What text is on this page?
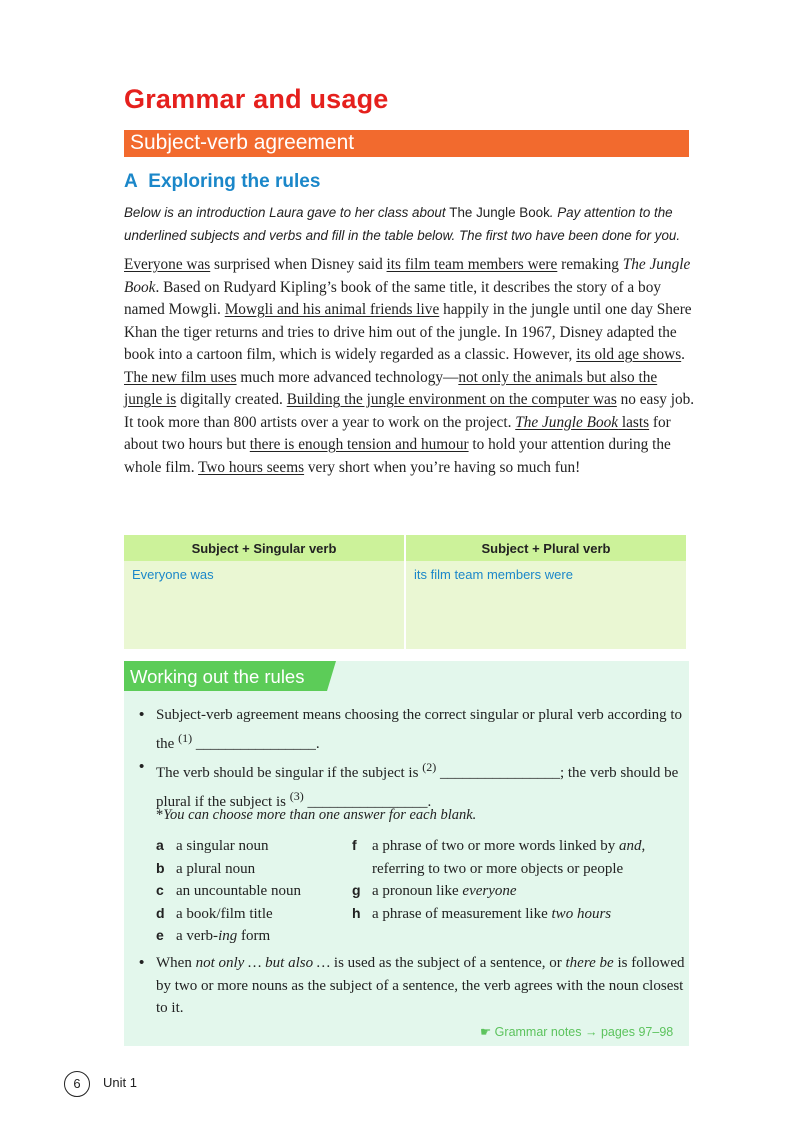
Grammar and usage
Subject-verb agreement
A Exploring the rules
Below is an introduction Laura gave to her class about The Jungle Book. Pay attention to the underlined subjects and verbs and fill in the table below. The first two have been done for you.
Everyone was surprised when Disney said its film team members were remaking The Jungle Book. Based on Rudyard Kipling’s book of the same title, it describes the story of a boy named Mowgli. Mowgli and his animal friends live happily in the jungle until one day Shere Khan the tiger returns and tries to drive him out of the jungle. In 1967, Disney adapted the book into a cartoon film, which is widely regarded as a classic. However, its old age shows. The new film uses much more advanced technology—not only the animals but also the jungle is digitally created. Building the jungle environment on the computer was no easy job. It took more than 800 artists over a year to work on the project. The Jungle Book lasts for about two hours but there is enough tension and humour to hold your attention during the whole film. Two hours seems very short when you’re having so much fun!
Subject + Singular verb	Subject + Plural verb
Everyone was	its film team members were
Working out the rules
• Subject-verb agreement means choosing the correct singular or plural verb according to the $^{(1)}$ ________________.
• The verb should be singular if the subject is $^{(2)}$ ________________; the verb should be plural if the subject is $^{(3)}$ ________________.
*You can choose more than one answer for each blank.
a a singular noun
b a plural noun
c an uncountable noun
d a book/film title
e a verb-ing form
f a phrase of two or more words linked by and,
referring to two or more objects or people
g a pronoun like everyone
h a phrase of measurement like two hours
• When not only … but also … is used as the subject of a sentence, or there be is followed by two or more nouns as the subject of a sentence, the verb agrees with the noun closest to it.
☛ Grammar notes → pages 97–98
6	Unit 1
